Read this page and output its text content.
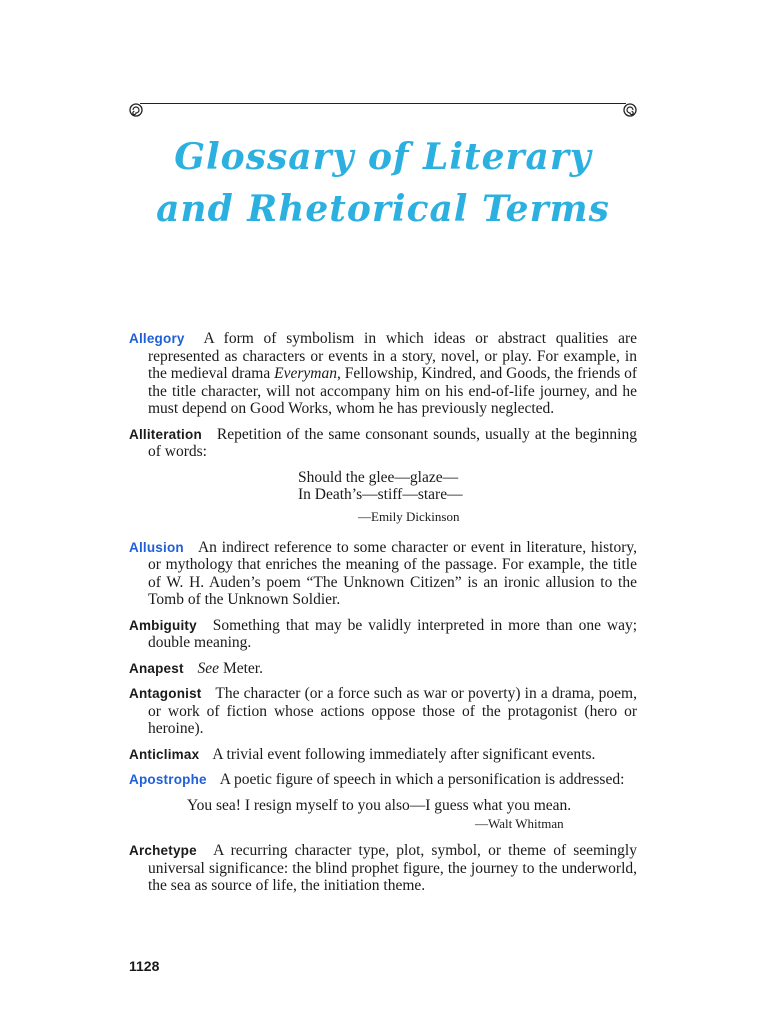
Glossary of Literary
and Rhetorical Terms

Allegory A form of symbolism in which ideas or abstract qualities are represented as characters or events in a story, novel, or play. For example, in the medieval drama Everyman, Fellowship, Kindred, and Goods, the friends of the title character, will not accompany him on his end-of-life journey, and he must depend on Good Works, whom he has previously neglected.

Alliteration Repetition of the same consonant sounds, usually at the beginning of words:

Should the glee—glaze—
In Death’s—stiff—stare—
—Emily Dickinson

Allusion An indirect reference to some character or event in literature, history, or mythology that enriches the meaning of the passage. For example, the title of W. H. Auden’s poem “The Unknown Citizen” is an ironic allusion to the Tomb of the Unknown Soldier.

Ambiguity Something that may be validly interpreted in more than one way; double meaning.

Anapest See Meter.

Antagonist The character (or a force such as war or poverty) in a drama, poem, or work of fiction whose actions oppose those of the protagonist (hero or heroine).

Anticlimax A trivial event following immediately after significant events.

Apostrophe A poetic figure of speech in which a personification is addressed:

You sea! I resign myself to you also—I guess what you mean.
—Walt Whitman

Archetype A recurring character type, plot, symbol, or theme of seemingly universal significance: the blind prophet figure, the journey to the underworld, the sea as source of life, the initiation theme.

1128
